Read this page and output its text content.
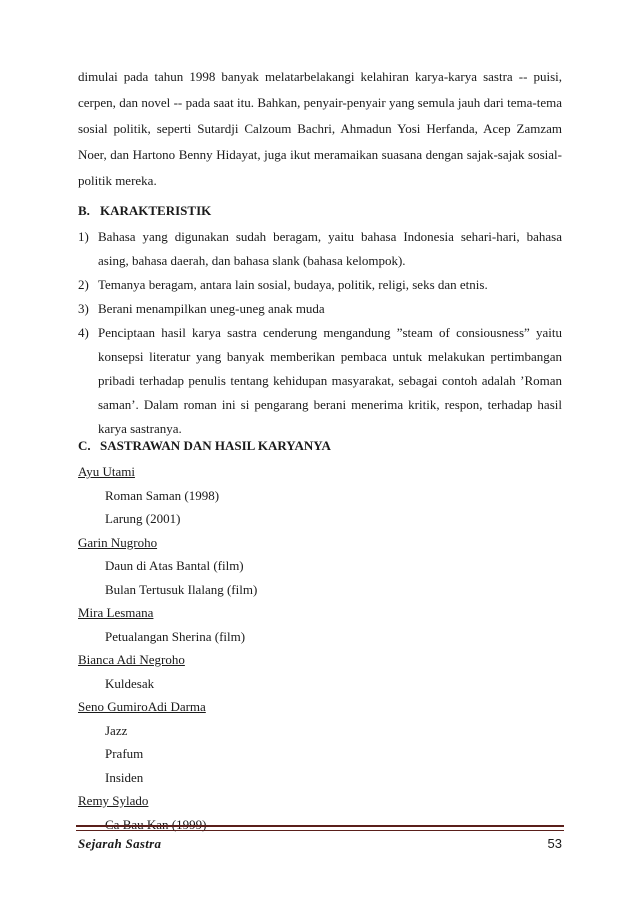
dimulai pada tahun 1998 banyak melatarbelakangi kelahiran karya-karya sastra -- puisi, cerpen, dan novel -- pada saat itu. Bahkan, penyair-penyair yang semula jauh dari tema-tema sosial politik, seperti Sutardji Calzoum Bachri, Ahmadun Yosi Herfanda, Acep Zamzam Noer, dan Hartono Benny Hidayat, juga ikut meramaikan suasana dengan sajak-sajak sosial-politik mereka.

B. KARAKTERISTIK
1) Bahasa yang digunakan sudah beragam, yaitu bahasa Indonesia sehari-hari, bahasa asing, bahasa daerah, dan bahasa slank (bahasa kelompok).
2) Temanya beragam, antara lain sosial, budaya, politik, religi, seks dan etnis.
3) Berani menampilkan uneg-uneg anak muda
4) Penciptaan hasil karya sastra cenderung mengandung ”steam of consiousness” yaitu konsepsi literatur yang banyak memberikan pembaca untuk melakukan pertimbangan pribadi terhadap penulis tentang kehidupan masyarakat, sebagai contoh adalah ’Roman saman’. Dalam roman ini si pengarang berani menerima kritik, respon, terhadap hasil karya sastranya.
C. SASTRAWAN DAN HASIL KARYANYA
Ayu Utami
Roman Saman (1998)
Larung (2001)
Garin Nugroho
Daun di Atas Bantal (film)
Bulan Tertusuk Ilalang (film)
Mira Lesmana
Petualangan Sherina (film)
Bianca Adi Negroho
Kuldesak
Seno GumiroAdi Darma
Jazz
Prafum
Insiden
Remy Sylado
Ca Bau Kan (1999)
Sejarah Sastra	53
